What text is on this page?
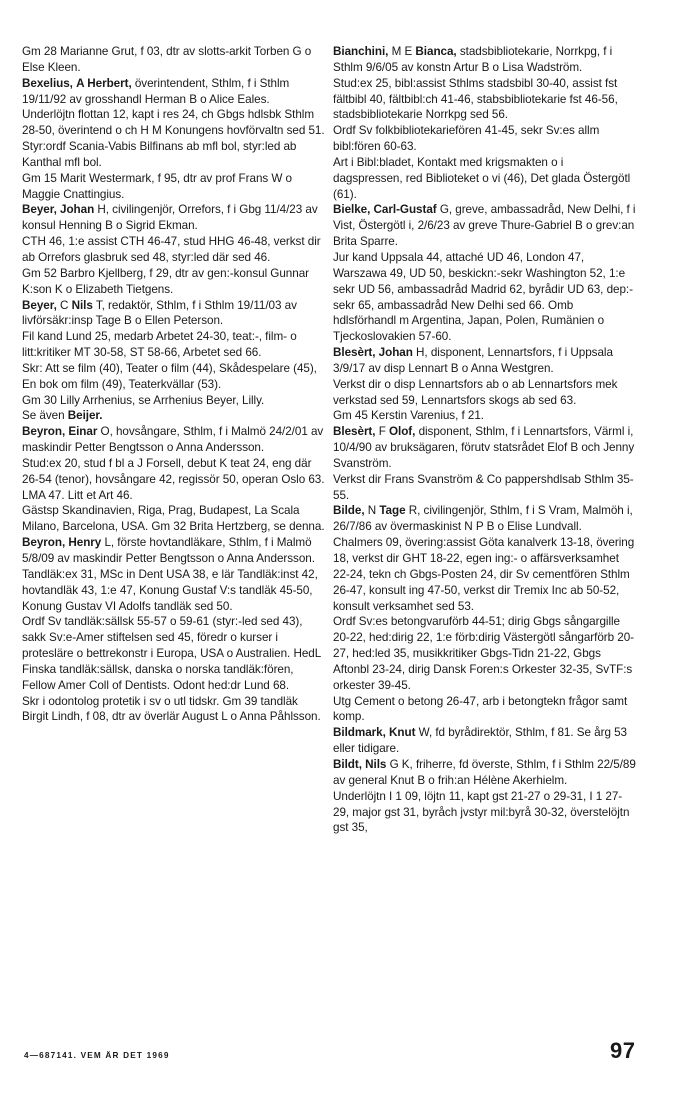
Gm 28 Marianne Grut, f 03, dtr av slotts-arkit Torben G o Else Kleen.

Bexelius, A Herbert, överintendent, Sthlm, f i Sthlm 19/11/92 av grosshandl Herman B o Alice Eales.

Underlöjtn flottan 12, kapt i res 24, ch Gbgs hdlsbk Sthlm 28-50, överintend o ch H M Konungens hovförvaltn sed 51.

Styr:ordf Scania-Vabis Bilfinans ab mfl bol, styr:led ab Kanthal mfl bol.

Gm 15 Marit Westermark, f 95, dtr av prof Frans W o Maggie Cnattingius.

Beyer, Johan H, civilingenjör, Orrefors, f i Gbg 11/4/23 av konsul Henning B o Sigrid Ekman.

CTH 46, 1:e assist CTH 46-47, stud HHG 46-48, verkst dir ab Orrefors glasbruk sed 48, styr:led där sed 46.

Gm 52 Barbro Kjellberg, f 29, dtr av gen:-konsul Gunnar K:son K o Elizabeth Tietgens.

Beyer, C Nils T, redaktör, Sthlm, f i Sthlm 19/11/03 av livförsäkr:insp Tage B o Ellen Peterson.

Fil kand Lund 25, medarb Arbetet 24-30, teat:-, film- o litt:kritiker MT 30-58, ST 58-66, Arbetet sed 66.

Skr: Att se film (40), Teater o film (44), Skådespelare (45), En bok om film (49), Teaterkvällar (53).

Gm 30 Lilly Arrhenius, se Arrhenius Beyer, Lilly.

Se även Beijer.

Beyron, Einar O, hovsångare, Sthlm, f i Malmö 24/2/01 av maskindir Petter Bengtsson o Anna Andersson.

Stud:ex 20, stud f bl a J Forsell, debut K teat 24, eng där 26-54 (tenor), hovsångare 42, regissör 50, operan Oslo 63.

LMA 47. Litt et Art 46.

Gästsp Skandinavien, Riga, Prag, Budapest, La Scala Milano, Barcelona, USA. Gm 32 Brita Hertzberg, se denna.

Beyron, Henry L, förste hovtandläkare, Sthlm, f i Malmö 5/8/09 av maskindir Petter Bengtsson o Anna Andersson.

Tandläk:ex 31, MSc in Dent USA 38, e lär Tandläk:inst 42, hovtandläk 43, 1:e 47, Konung Gustaf V:s tandläk 45-50, Konung Gustav VI Adolfs tandläk sed 50.

Ordf Sv tandläk:sällsk 55-57 o 59-61 (styr:-led sed 43), sakk Sv:e-Amer stiftelsen sed 45, föredr o kurser i protesläre o bettrekonstr i Europa, USA o Australien. HedL Finska tandläk:sällsk, danska o norska tandläk:fören, Fellow Amer Coll of Dentists. Odont hed:dr Lund 68.

Skr i odontolog protetik i sv o utl tidskr. Gm 39 tandläk Birgit Lindh, f 08, dtr av överlär August L o Anna Påhlsson.

Bianchini, M E Bianca, stadsbibliotekarie, Norrkpg, f i Sthlm 9/6/05 av konstn Artur B o Lisa Wadström.

Stud:ex 25, bibl:assist Sthlms stadsbibl 30-40, assist fst fältbibl 40, fältbibl:ch 41-46, stabsbibliotekarie fst 46-56, stadsbibliotekarie Norrkpg sed 56.

Ordf Sv folkbibliotekariefören 41-45, sekr Sv:es allm bibl:fören 60-63.

Art i Bibl:bladet, Kontakt med krigsmakten o i dagspressen, red Biblioteket o vi (46), Det glada Östergötl (61).

Bielke, Carl-Gustaf G, greve, ambassadråd, New Delhi, f i Vist, Östergötl i, 2/6/23 av greve Thure-Gabriel B o grev:an Brita Sparre.

Jur kand Uppsala 44, attaché UD 46, London 47, Warszawa 49, UD 50, beskickn:-sekr Washington 52, 1:e sekr UD 56, ambassadråd Madrid 62, byrådir UD 63, dep:-sekr 65, ambassadråd New Delhi sed 66. Omb hdlsförhandl m Argentina, Japan, Polen, Rumänien o Tjeckoslovakien 57-60.

Blesèrt, Johan H, disponent, Lennartsfors, f i Uppsala 3/9/17 av disp Lennart B o Anna Westgren.

Verkst dir o disp Lennartsfors ab o ab Lennartsfors mek verkstad sed 59, Lennartsfors skogs ab sed 63.

Gm 45 Kerstin Varenius, f 21.

Blesèrt, F Olof, disponent, Sthlm, f i Lennartsfors, Värml i, 10/4/90 av bruksägaren, förutv statsrådet Elof B och Jenny Svanström.

Verkst dir Frans Svanström & Co pappershdlsab Sthlm 35-55.

Bilde, N Tage R, civilingenjör, Sthlm, f i S Vram, Malmöh i, 26/7/86 av övermaskinist N P B o Elise Lundvall.

Chalmers 09, övering:assist Göta kanalverk 13-18, övering 18, verkst dir GHT 18-22, egen ing:- o affärsverksamhet 22-24, tekn ch Gbgs-Posten 24, dir Sv cementfören Sthlm 26-47, konsult ing 47-50, verkst dir Tremix Inc ab 50-52, konsult verksamhet sed 53.

Ordf Sv:es betongvaruförb 44-51; dirig Gbgs sångargille 20-22, hed:dirig 22, 1:e förb:dirig Västergötl sångarförb 20-27, hed:led 35, musikkritiker Gbgs-Tidn 21-22, Gbgs Aftonbl 23-24, dirig Dansk Foren:s Orkester 32-35, SvTF:s orkester 39-45.

Utg Cement o betong 26-47, arb i betongtekn frågor samt komp.

Bildmark, Knut W, fd byrådirektör, Sthlm, f 81. Se årg 53 eller tidigare.

Bildt, Nils G K, friherre, fd överste, Sthlm, f i Sthlm 22/5/89 av general Knut B o frih:an Hélène Akerhielm.

Underlöjtn I 1 09, löjtn 11, kapt gst 21-27 o 29-31, I 1 27-29, major gst 31, byråch jvstyr mil:byrå 30-32, överstelöjtn gst 35,

4—687141. VEM ÄR DET 1969	97
